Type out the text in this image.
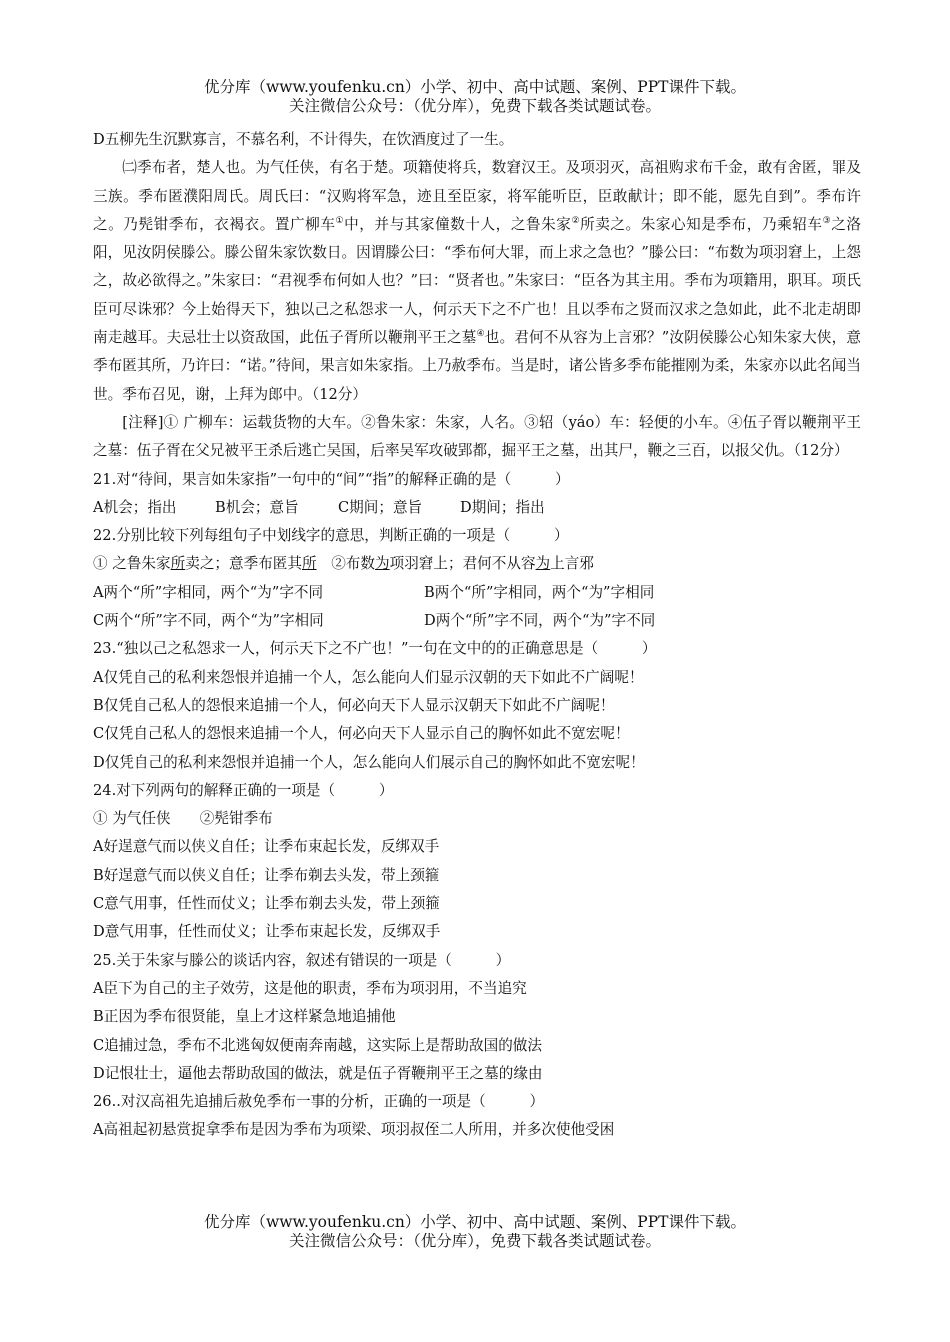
优分库（www.youfenku.cn）小学、初中、高中试题、案例、PPT课件下载。
关注微信公众号：（优分库），免费下载各类试题试卷。

D五柳先生沉默寡言，不慕名利，不计得失，在饮酒度过了一生。

㈡季布者，楚人也。为气任侠，有名于楚。项籍使将兵，数窘汉王。及项羽灭，高祖购求布千金，敢有舍匿，罪及三族。季布匿濮阳周氏。周氏曰：“汉购将军急，迹且至臣家，将军能听臣，臣敢献计；即不能，愿先自到”。季布许之。乃髡钳季布，衣褐衣。置广柳车①中，并与其家僮数十人，之鲁朱家②所卖之。朱家心知是季布，乃乘轺车③之洛阳，见汝阴侯滕公。滕公留朱家饮数日。因谓滕公曰：“季布何大罪，而上求之急也？”滕公曰：“布数为项羽窘上，上怨之，故必欲得之。”朱家曰：“君视季布何如人也？”曰：“贤者也。”朱家曰：“臣各为其主用。季布为项籍用，职耳。项氏臣可尽诛邪？今上始得天下，独以己之私怨求一人，何示天下之不广也！且以季布之贤而汉求之急如此，此不北走胡即南走越耳。夫忌壮士以资敌国，此伍子胥所以鞭荆平王之墓④也。君何不从容为上言邪？”汝阴侯滕公心知朱家大侠，意季布匿其所，乃许曰：“诺。”待间，果言如朱家指。上乃赦季布。当是时，诸公皆多季布能摧刚为柔，朱家亦以此名闻当世。季布召见，谢，上拜为郎中。（12分）

[注释]① 广柳车：运载货物的大车。②鲁朱家：朱家，人名。③轺（yáo）车：轻便的小车。④伍子胥以鞭荆平王之墓：伍子胥在父兄被平王杀后逃亡吴国，后率吴军攻破郢都，掘平王之墓，出其尸，鞭之三百，以报父仇。（12分）

21.对“待间，果言如朱家指”一句中的“间”“指”的解释正确的是（　　　）

A机会；指出	B机会；意旨	C期间；意旨	D期间；指出

22.分别比较下列每组句子中划线字的意思，判断正确的一项是（　　　）

① 之鲁朱家所卖之；意季布匿其所　②布数为项羽窘上；君何不从容为上言邪

A两个“所”字相同，两个“为”字不同	B两个“所”字相同，两个“为”字相同

C两个“所”字不同，两个“为”字相同	D两个“所”字不同，两个“为”字不同

23.“独以己之私怨求一人，何示天下之不广也！”一句在文中的的正确意思是（　　　）

A仅凭自己的私利来怨恨并追捕一个人，怎么能向人们显示汉朝的天下如此不广阔呢！

B仅凭自己私人的怨恨来追捕一个人，何必向天下人显示汉朝天下如此不广阔呢！

C仅凭自己私人的怨恨来追捕一个人，何必向天下人显示自己的胸怀如此不宽宏呢！

D仅凭自己的私利来怨恨并追捕一个人，怎么能向人们展示自己的胸怀如此不宽宏呢！

24.对下列两句的解释正确的一项是（　　　）

① 为气任侠　　②髡钳季布

A好逞意气而以侠义自任；让季布束起长发，反绑双手

B好逞意气而以侠义自任；让季布剃去头发，带上颈箍

C意气用事，任性而仗义；让季布剃去头发，带上颈箍

D意气用事，任性而仗义；让季布束起长发，反绑双手

25.关于朱家与滕公的谈话内容，叙述有错误的一项是（　　　）

A臣下为自己的主子效劳，这是他的职责，季布为项羽用，不当追究

B正因为季布很贤能，皇上才这样紧急地追捕他

C追捕过急，季布不北逃匈奴便南奔南越，这实际上是帮助敌国的做法

D记恨壮士，逼他去帮助敌国的做法，就是伍子胥鞭荆平王之墓的缘由

26..对汉高祖先追捕后赦免季布一事的分析，正确的一项是（　　　）

A高祖起初悬赏捉拿季布是因为季布为项梁、项羽叔侄二人所用，并多次使他受困

优分库（www.youfenku.cn）小学、初中、高中试题、案例、PPT课件下载。
关注微信公众号：（优分库），免费下载各类试题试卷。
